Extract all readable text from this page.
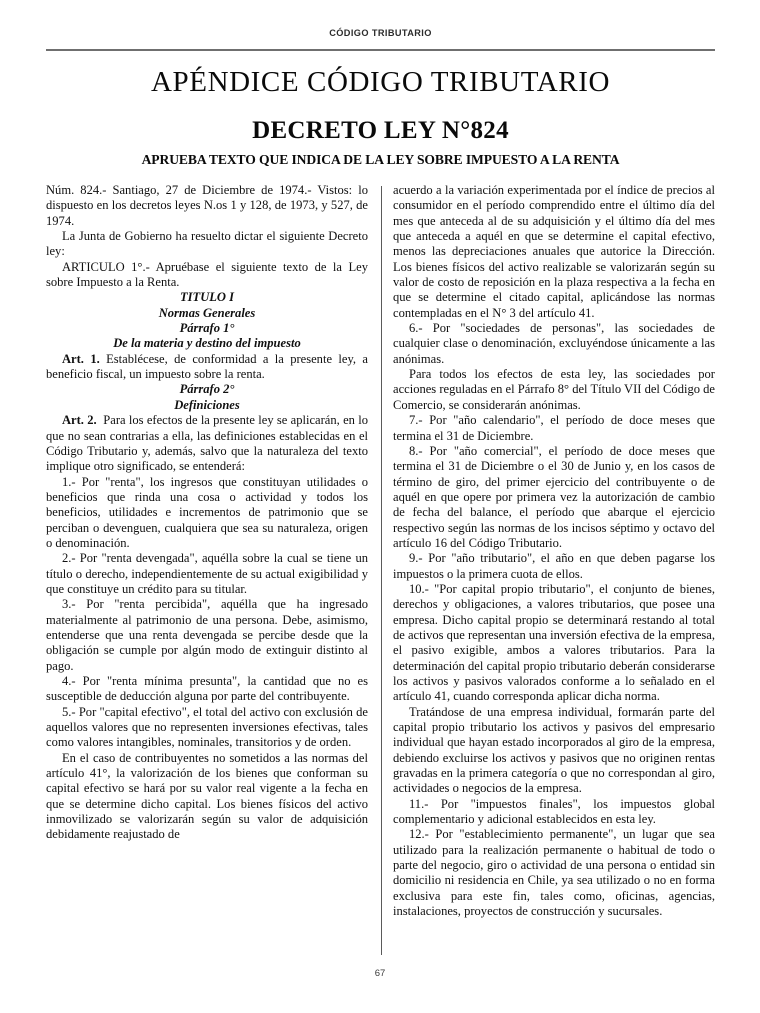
CÓDIGO TRIBUTARIO
APÉNDICE CÓDIGO TRIBUTARIO
DECRETO LEY N°824
APRUEBA TEXTO QUE INDICA DE LA LEY SOBRE IMPUESTO A LA RENTA

Núm. 824.- Santiago, 27 de Diciembre de 1974.- Vistos: lo dispuesto en los decretos leyes N.os 1 y 128, de 1973, y 527, de 1974.

La Junta de Gobierno ha resuelto dictar el siguiente Decreto ley:

ARTICULO 1°.- Apruébase el siguiente texto de la Ley sobre Impuesto a la Renta.

TITULO I

Normas Generales

Párrafo 1°

De la materia y destino del impuesto

Art. 1. Establécese, de conformidad a la presente ley, a beneficio fiscal, un impuesto sobre la renta.

Párrafo 2°

Definiciones

Art. 2. Para los efectos de la presente ley se aplicarán, en lo que no sean contrarias a ella, las definiciones establecidas en el Código Tributario y, además, salvo que la naturaleza del texto implique otro significado, se entenderá:

1.- Por "renta", los ingresos que constituyan utilidades o beneficios que rinda una cosa o actividad y todos los beneficios, utilidades e incrementos de patrimonio que se perciban o devenguen, cualquiera que sea su naturaleza, origen o denominación.

2.- Por "renta devengada", aquélla sobre la cual se tiene un título o derecho, independientemente de su actual exigibilidad y que constituye un crédito para su titular.

3.- Por "renta percibida", aquélla que ha ingresado materialmente al patrimonio de una persona. Debe, asimismo, entenderse que una renta devengada se percibe desde que la obligación se cumple por algún modo de extinguir distinto al pago.

4.- Por "renta mínima presunta", la cantidad que no es susceptible de deducción alguna por parte del contribuyente.

5.- Por "capital efectivo", el total del activo con exclusión de aquellos valores que no representen inversiones efectivas, tales como valores intangibles, nominales, transitorios y de orden.

En el caso de contribuyentes no sometidos a las normas del artículo 41°, la valorización de los bienes que conforman su capital efectivo se hará por su valor real vigente a la fecha en que se determine dicho capital. Los bienes físicos del activo inmovilizado se valorizarán según su valor de adquisición debidamente reajustado de

acuerdo a la variación experimentada por el índice de precios al consumidor en el período comprendido entre el último día del mes que anteceda al de su adquisición y el último día del mes que anteceda a aquél en que se determine el capital efectivo, menos las depreciaciones anuales que autorice la Dirección. Los bienes físicos del activo realizable se valorizarán según su valor de costo de reposición en la plaza respectiva a la fecha en que se determine el citado capital, aplicándose las normas contempladas en el N° 3 del artículo 41.

6.- Por "sociedades de personas", las sociedades de cualquier clase o denominación, excluyéndose únicamente a las anónimas.

Para todos los efectos de esta ley, las sociedades por acciones reguladas en el Párrafo 8° del Título VII del Código de Comercio, se considerarán anónimas.

7.- Por "año calendario", el período de doce meses que termina el 31 de Diciembre.

8.- Por "año comercial", el período de doce meses que termina el 31 de Diciembre o el 30 de Junio y, en los casos de término de giro, del primer ejercicio del contribuyente o de aquél en que opere por primera vez la autorización de cambio de fecha del balance, el período que abarque el ejercicio respectivo según las normas de los incisos séptimo y octavo del artículo 16 del Código Tributario.

9.- Por "año tributario", el año en que deben pagarse los impuestos o la primera cuota de ellos.

10.- "Por capital propio tributario", el conjunto de bienes, derechos y obligaciones, a valores tributarios, que posee una empresa. Dicho capital propio se determinará restando al total de activos que representan una inversión efectiva de la empresa, el pasivo exigible, ambos a valores tributarios. Para la determinación del capital propio tributario deberán considerarse los activos y pasivos valorados conforme a lo señalado en el artículo 41, cuando corresponda aplicar dicha norma.

Tratándose de una empresa individual, formarán parte del capital propio tributario los activos y pasivos del empresario individual que hayan estado incorporados al giro de la empresa, debiendo excluirse los activos y pasivos que no originen rentas gravadas en la primera categoría o que no correspondan al giro, actividades o negocios de la empresa.

11.- Por "impuestos finales", los impuestos global complementario y adicional establecidos en esta ley.

12.- Por "establecimiento permanente", un lugar que sea utilizado para la realización permanente o habitual de todo o parte del negocio, giro o actividad de una persona o entidad sin domicilio ni residencia en Chile, ya sea utilizado o no en forma exclusiva para este fin, tales como, oficinas, agencias, instalaciones, proyectos de construcción y sucursales.

67
